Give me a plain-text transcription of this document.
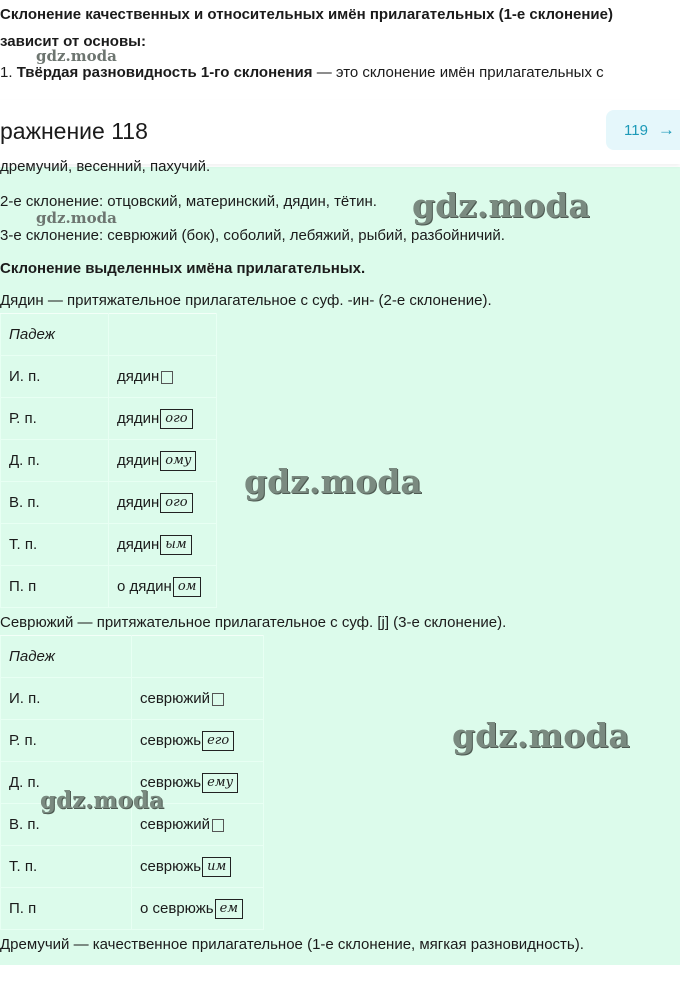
Склонение качественных и относительных имён прилагательных (1-е склонение)
зависит от основы:
1. Твёрдая разновидность 1-го склонения — это склонение имён прилагательных с
gdz.moda
ражнение 118	119 →
дремучий, весенний, пахучий.
2-е склонение: отцовский, материнский, дядин, тётин.
gdz.moda	gdz.moda
3-е склонение: севрюжий (бок), соболий, лебяжий, рыбий, разбойничий.
Склонение выделенных имёна прилагательных.
Дядин — притяжательное прилагательное с суф. -ин- (2-е склонение).
Падеж	
И. п.	дядин
Р. п.	дядин ого
Д. п.	дядин ому
В. п.	дядин ого
Т. п.	дядин ым
П. п	о дядин ом
gdz.moda
Севрюжий — притяжательное прилагательное с суф. [j] (3-е склонение).
Падеж	
И. п.	севрюжий
Р. п.	севрюжь его
Д. п.	севрюжь ему
В. п.	севрюжий
Т. п.	севрюжь им
П. п	о севрюжь ем
gdz.moda
gdz.moda
Дремучий — качественное прилагательное (1-е склонение, мягкая разновидность).
